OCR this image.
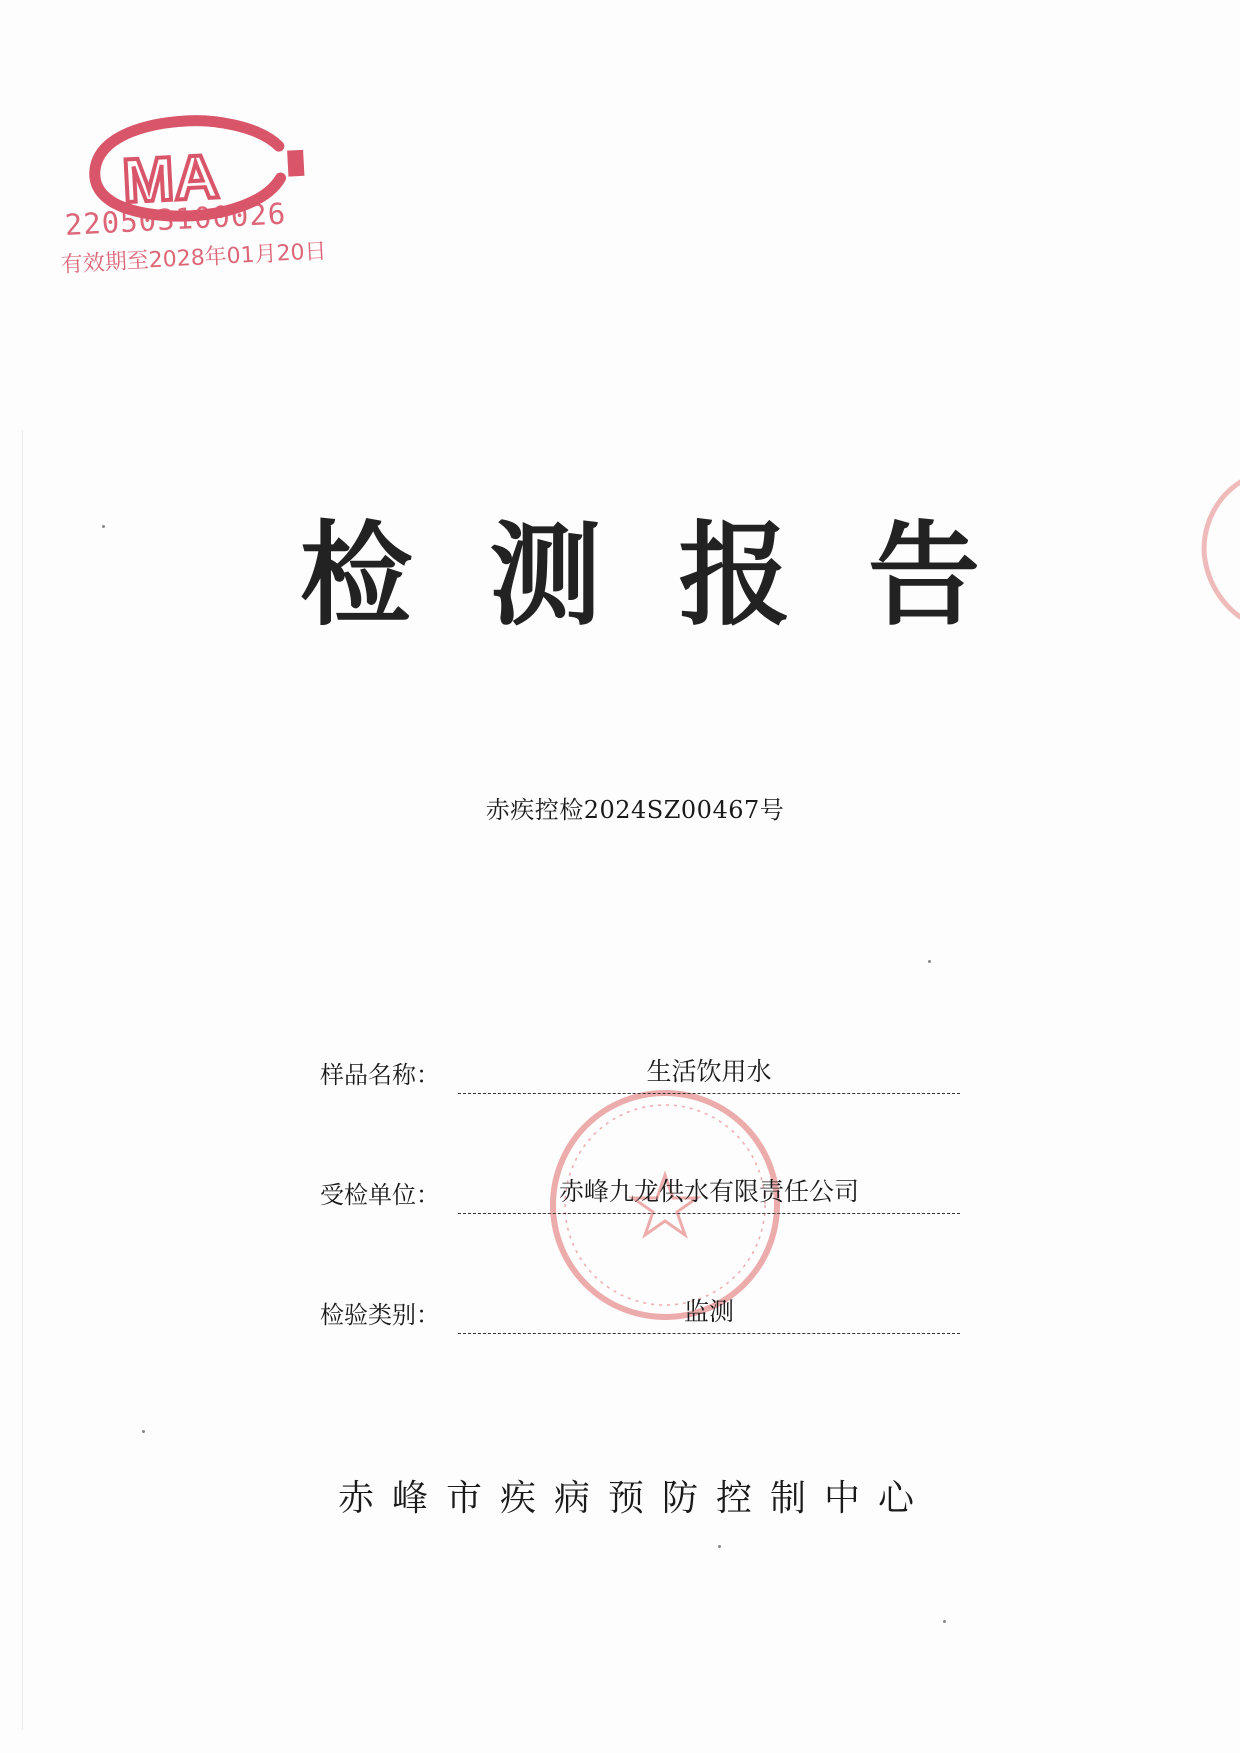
MA
220503100026
有效期至2028年01月20日
检 测 报 告
赤疾控检2024SZ00467号
样品名称：	生活饮用水
受检单位：	赤峰九龙供水有限责任公司
检验类别：	监测
赤峰市疾病预防控制中心
